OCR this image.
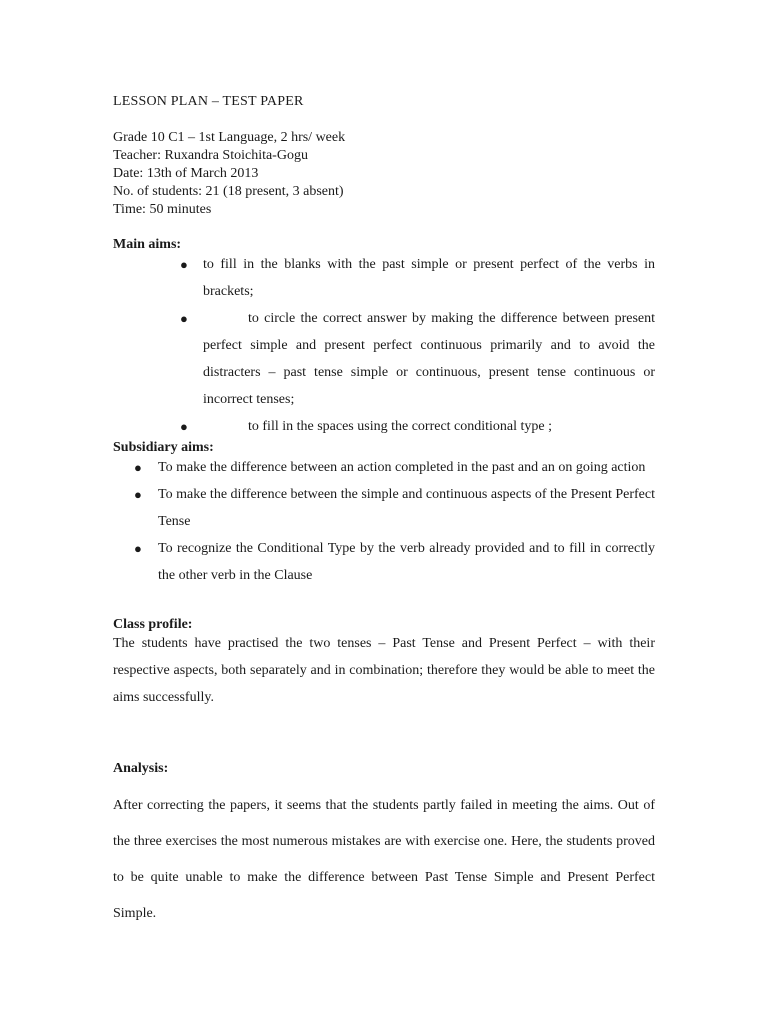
LESSON PLAN – TEST PAPER
Grade 10 C1 – 1st Language, 2 hrs/ week
Teacher: Ruxandra Stoichita-Gogu
Date: 13th of March 2013
No. of students: 21 (18 present, 3 absent)
Time: 50 minutes
Main aims:
● to fill in the blanks with the past simple or present perfect of the verbs in brackets;
●	to circle the correct answer by making the difference between present perfect simple and present perfect continuous primarily and to avoid the distracters – past tense simple or continuous, present tense continuous or incorrect tenses;
●	to fill in the spaces using the correct conditional type ;
Subsidiary aims:
● To make the difference between an action completed in the past and an on going action
● To make the difference between the simple and continuous aspects of the Present Perfect Tense
● To recognize the Conditional Type by the verb already provided and to fill in correctly the other verb in the Clause
Class profile:
The students have practised the two tenses – Past Tense and Present Perfect – with their respective aspects, both separately and in combination; therefore they would be able to meet the aims successfully.
Analysis:
After correcting the papers, it seems that the students partly failed in meeting the aims. Out of the three exercises the most numerous mistakes are with exercise one. Here, the students proved to be quite unable to make the difference between Past Tense Simple and Present Perfect Simple.
